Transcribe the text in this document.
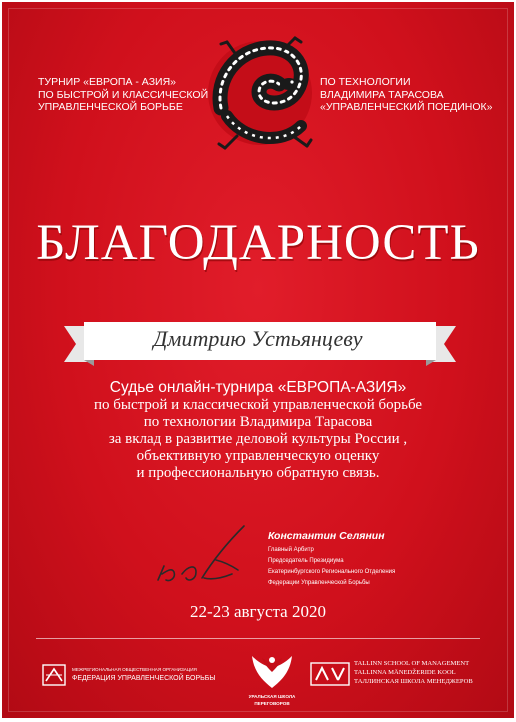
ТУРНИР «ЕВРОПА - АЗИЯ»
ПО БЫСТРОЙ И КЛАССИЧЕСКОЙ
УПРАВЛЕНЧЕСКОЙ БОРЬБЕ
ПО ТЕХНОЛОГИИ
ВЛАДИМИРА ТАРАСОВА
«УПРАВЛЕНЧЕСКИЙ ПОЕДИНОК»
БЛАГОДАРНОСТЬ
Дмитрию Устьянцеву
Судье онлайн-турнира «ЕВРОПА-АЗИЯ»
по быстрой и классической управленческой борьбе
по технологии Владимира Тарасова
за вклад в развитие деловой культуры России ,
объективную управленческую оценку
и профессиональную обратную связь.
Константин Селянин
Главный Арбитр
Председатель Президиума
Екатеринбургского Регионального Отделения
Федерации Управленческой Борьбы
22-23 августа 2020
МЕЖРЕГИОНАЛЬНАЯ ОБЩЕСТВЕННАЯ ОРГАНИЗАЦИЯ
ФЕДЕРАЦИЯ УПРАВЛЕНЧЕСКОЙ БОРЬБЫ
УРАЛЬСКАЯ ШКОЛА
ПЕРЕГОВОРОВ
TALLINN SCHOOL OF MANAGEMENT
TALLINNA MÄNEDŽERIDE KOOL
ТАЛЛИНСКАЯ ШКОЛА МЕНЕДЖЕРОВ
